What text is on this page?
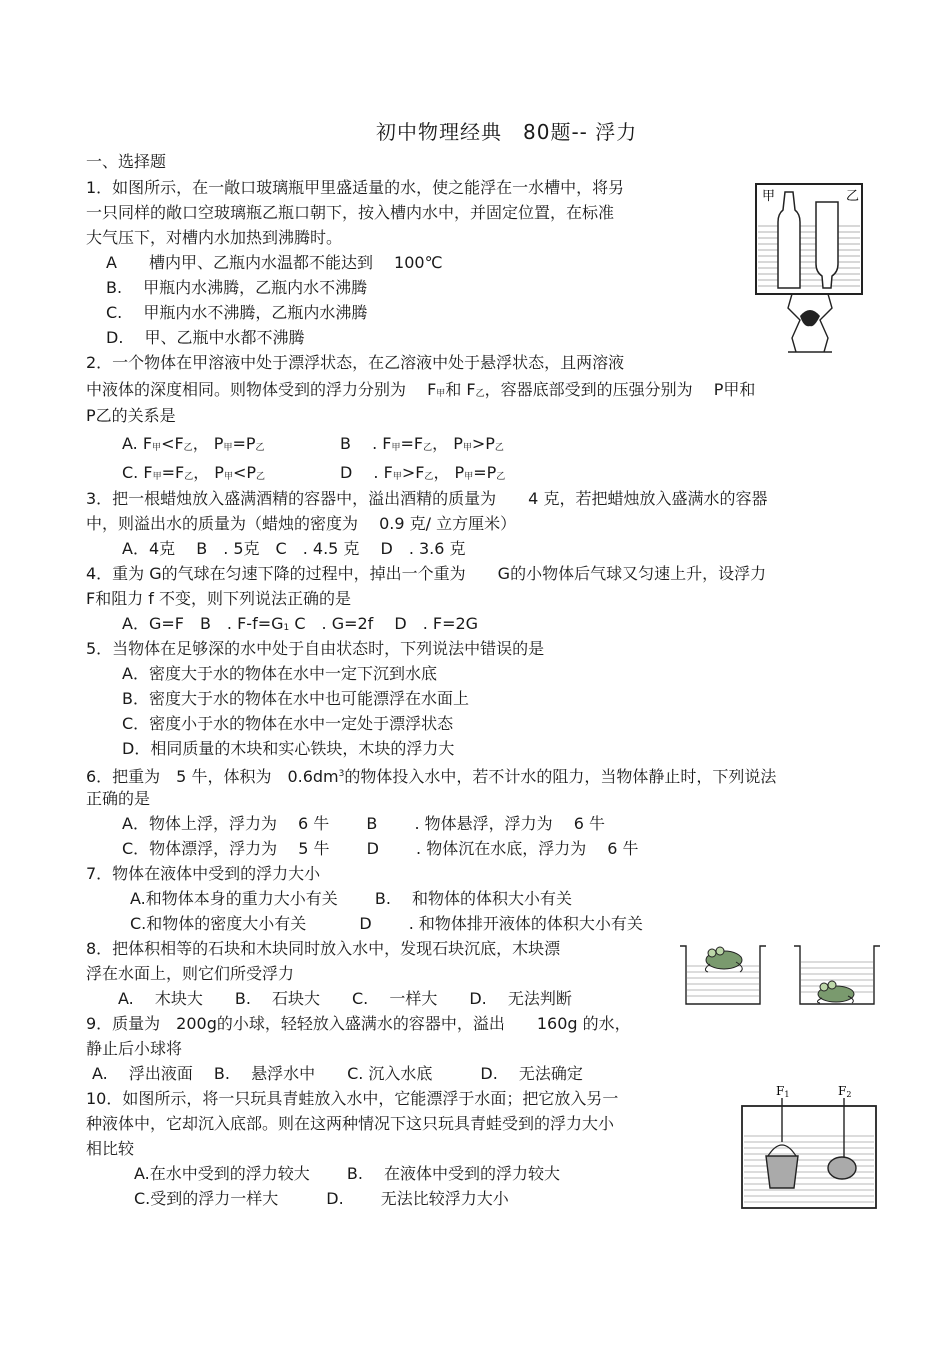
初中物理经典　80题-- 浮力
一、选择题
1．如图所示，在一敞口玻璃瓶甲里盛适量的水，使之能浮在一水槽中，将另
一只同样的敞口空玻璃瓶乙瓶口朝下，按入槽内水中，并固定位置，在标准
大气压下，对槽内水加热到沸腾时。
A　　槽内甲、乙瓶内水温都不能达到　 100℃
B.　 甲瓶内水沸腾，乙瓶内水不沸腾
C.　 甲瓶内水不沸腾，乙瓶内水沸腾
D.　 甲、乙瓶中水都不沸腾
甲	乙
2．一个物体在甲溶液中处于漂浮状态，在乙溶液中处于悬浮状态，且两溶液
中液体的深度相同。则物体受到的浮力分别为　 $F_甲$和 $F_乙$，容器底部受到的压强分别为　 P甲和
P乙的关系是
A. $F_甲<F_乙$， $P_甲=P_乙$	B　 . $F_甲=F_乙$， $P_甲>P_乙$
C. $F_甲=F_乙$， $P_甲<P_乙$	D　 . $F_甲>F_乙$， $P_甲=P_乙$
3．把一根蜡烛放入盛满酒精的容器中，溢出酒精的质量为　　4 克，若把蜡烛放入盛满水的容器
中，则溢出水的质量为（蜡烛的密度为　 0.9 克/ 立方厘米）
A．4克　 B　. 5克　C　. 4.5 克　 D　. 3.6 克
4．重为 G的气球在匀速下降的过程中，掉出一个重为　　G的小物体后气球又匀速上升，设浮力
F和阻力 f 不变，则下列说法正确的是
A．G=F　B　. $F-f=G_1$ C　. G=2f　 D　. F=2G
5．当物体在足够深的水中处于自由状态时，下列说法中错误的是
A．密度大于水的物体在水中一定下沉到水底
B．密度大于水的物体在水中也可能漂浮在水面上
C．密度小于水的物体在水中一定处于漂浮状态
D．相同质量的木块和实心铁块，木块的浮力大
6．把重为　5 牛，体积为　$0.6dm^3$的物体投入水中，若不计水的阻力，当物体静止时，下列说法
正确的是
A．物体上浮，浮力为　 6 牛　　 B　　 . 物体悬浮，浮力为　 6 牛
C．物体漂浮，浮力为　 5 牛　　 D　　 . 物体沉在水底，浮力为　 6 牛
7．物体在液体中受到的浮力大小
A.和物体本身的重力大小有关　　 B.　 和物体的体积大小有关
C.和物体的密度大小有关　　　 D　　 . 和物体排开液体的体积大小有关
8．把体积相等的石块和木块同时放入水中，发现石块沉底，木块漂
浮在水面上，则它们所受浮力
A.　 木块大　　B.　 石块大　　C.　 一样大　　D.　 无法判断
9．质量为　200g的小球，轻轻放入盛满水的容器中，溢出　　160g 的水，
静止后小球将
A.　 浮出液面　 B.　 悬浮水中　　C. 沉入水底　　　D.　 无法确定
10．如图所示，将一只玩具青蛙放入水中，它能漂浮于水面；把它放入另一
种液体中，它却沉入底部。则在这两种情况下这只玩具青蛙受到的浮力大小
相比较
A.在水中受到的浮力较大　　 B.　 在液体中受到的浮力较大
C.受到的浮力一样大　　　D.　　 无法比较浮力大小
F1	F2
